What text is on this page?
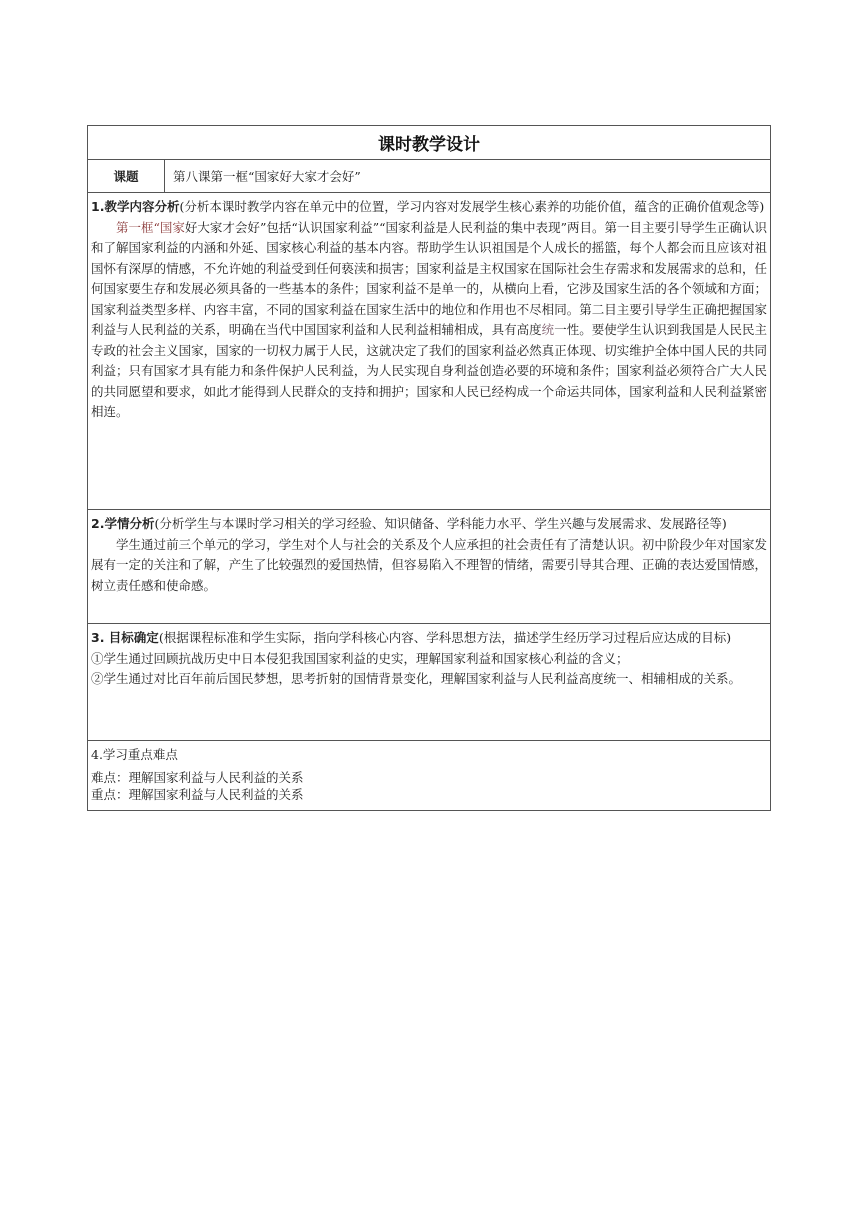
课时教学设计
课题	第八课第一框“国家好大家才会好”

1.教学内容分析(分析本课时教学内容在单元中的位置，学习内容对发展学生核心素养的功能价值，蕴含的正确价值观念等)

第一框“国家好大家才会好”包括“认识国家利益”“国家利益是人民利益的集中表现”两目。第一目主要引导学生正确认识和了解国家利益的内涵和外延、国家核心利益的基本内容。帮助学生认识祖国是个人成长的摇篮，每个人都会而且应该对祖国怀有深厚的情感，不允许她的利益受到任何亵渎和损害；国家利益是主权国家在国际社会生存需求和发展需求的总和，任何国家要生存和发展必须具备的一些基本的条件；国家利益不是单一的，从横向上看，它涉及国家生活的各个领域和方面；国家利益类型多样、内容丰富，不同的国家利益在国家生活中的地位和作用也不尽相同。第二目主要引导学生正确把握国家利益与人民利益的关系，明确在当代中国国家利益和人民利益相辅相成，具有高度统一性。要使学生认识到我国是人民民主专政的社会主义国家，国家的一切权力属于人民，这就决定了我们的国家利益必然真正体现、切实维护全体中国人民的共同利益；只有国家才具有能力和条件保护人民利益，为人民实现自身利益创造必要的环境和条件；国家利益必须符合广大人民的共同愿望和要求，如此才能得到人民群众的支持和拥护；国家和人民已经构成一个命运共同体，国家利益和人民利益紧密相连。

2.学情分析(分析学生与本课时学习相关的学习经验、知识储备、学科能力水平、学生兴趣与发展需求、发展路径等)

学生通过前三个单元的学习，学生对个人与社会的关系及个人应承担的社会责任有了清楚认识。初中阶段少年对国家发展有一定的关注和了解，产生了比较强烈的爱国热情，但容易陷入不理智的情绪，需要引导其合理、正确的表达爱国情感，树立责任感和使命感。

3. 目标确定(根据课程标准和学生实际，指向学科核心内容、学科思想方法，描述学生经历学习过程后应达成的目标)

①学生通过回顾抗战历史中日本侵犯我国国家利益的史实，理解国家利益和国家核心利益的含义；

②学生通过对比百年前后国民梦想，思考折射的国情背景变化，理解国家利益与人民利益高度统一、相辅相成的关系。

4.学习重点难点

难点：理解国家利益与人民利益的关系

重点：理解国家利益与人民利益的关系
